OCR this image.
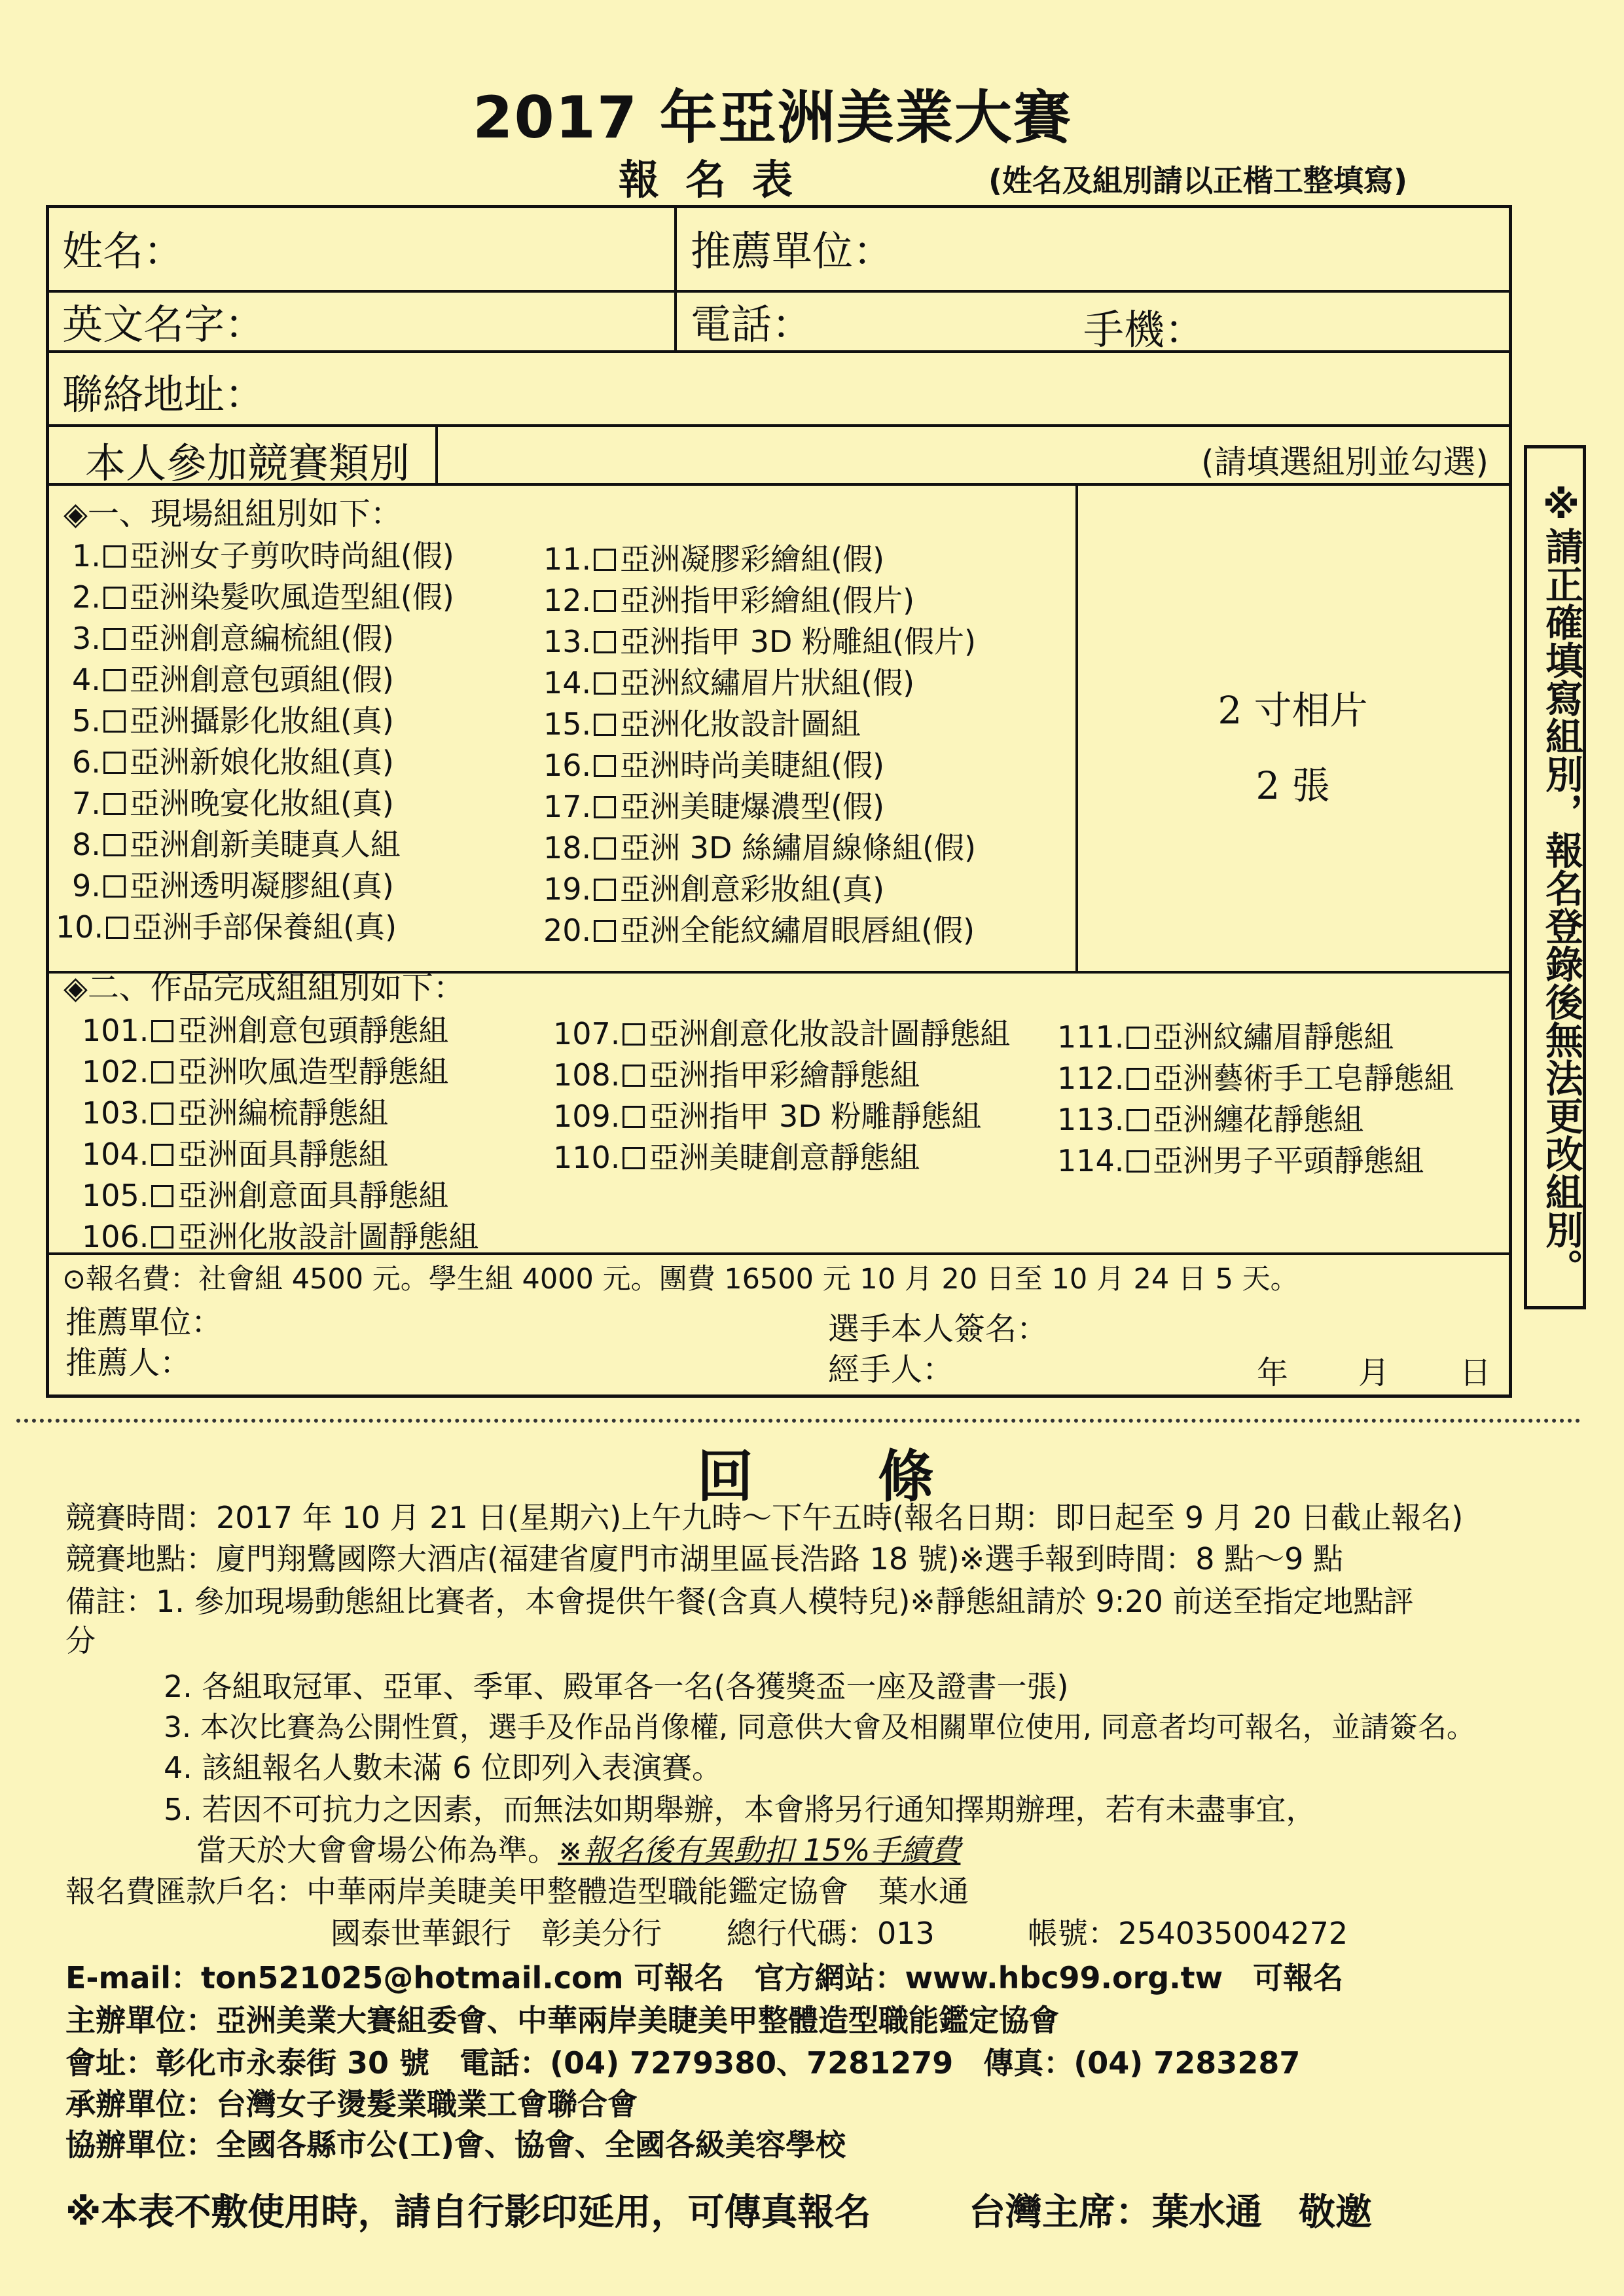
2017 年亞洲美業大賽
報名表	(姓名及組別請以正楷工整填寫)
姓名：	推薦單位：
英文名字：	電話：	手機：
聯絡地址：
本人參加競賽類別	(請填選組別並勾選)
◈一、現場組組別如下：
1. 亞洲女子剪吹時尚組(假)
2. 亞洲染髮吹風造型組(假)
3. 亞洲創意編梳組(假)
4. 亞洲創意包頭組(假)
5. 亞洲攝影化妝組(真)
6. 亞洲新娘化妝組(真)
7. 亞洲晚宴化妝組(真)
8. 亞洲創新美睫真人組
9. 亞洲透明凝膠組(真)
10. 亞洲手部保養組(真)
11. 亞洲凝膠彩繪組(假)
12. 亞洲指甲彩繪組(假片)
13. 亞洲指甲 3D 粉雕組(假片)
14. 亞洲紋繡眉片狀組(假)
15. 亞洲化妝設計圖組
16. 亞洲時尚美睫組(假)
17. 亞洲美睫爆濃型(假)
18. 亞洲 3D 絲繡眉線條組(假)
19. 亞洲創意彩妝組(真)
20. 亞洲全能紋繡眉眼唇組(假)
2 寸相片
2 張
◈二、作品完成組組別如下：
101. 亞洲創意包頭靜態組
102. 亞洲吹風造型靜態組
103. 亞洲編梳靜態組
104. 亞洲面具靜態組
105. 亞洲創意面具靜態組
106. 亞洲化妝設計圖靜態組
107. 亞洲創意化妝設計圖靜態組
108. 亞洲指甲彩繪靜態組
109. 亞洲指甲 3D 粉雕靜態組
110. 亞洲美睫創意靜態組
111. 亞洲紋繡眉靜態組
112. 亞洲藝術手工皂靜態組
113. 亞洲纏花靜態組
114. 亞洲男子平頭靜態組
⊙報名費：社會組 4500 元。學生組 4000 元。團費 16500 元 10 月 20 日至 10 月 24 日 5 天。
推薦單位：
推薦人：
選手本人簽名：
經手人：	年 月 日
※請正確填寫組別，報名登錄後無法更改組別。
回條
競賽時間：2017 年 10 月 21 日(星期六)上午九時～下午五時(報名日期：即日起至 9 月 20 日截止報名)
競賽地點：廈門翔鷺國際大酒店(福建省廈門市湖里區長浩路 18 號)※選手報到時間：8 點～9 點
備註：1. 參加現場動態組比賽者，本會提供午餐(含真人模特兒)※靜態組請於 9:20 前送至指定地點評
分
2. 各組取冠軍、亞軍、季軍、殿軍各一名(各獲獎盃一座及證書一張)
3. 本次比賽為公開性質，選手及作品肖像權, 同意供大會及相關單位使用, 同意者均可報名，並請簽名。
4. 該組報名人數未滿 6 位即列入表演賽。
5. 若因不可抗力之因素，而無法如期舉辦，本會將另行通知擇期辦理，若有未盡事宜，
當天於大會會場公佈為準。※報名後有異動扣 15%手續費
報名費匯款戶名：中華兩岸美睫美甲整體造型職能鑑定協會　葉水通
國泰世華銀行　彰美分行 總行代碼：013	帳號：254035004272
E-mail：ton521025@hotmail.com 可報名　官方網站：www.hbc99.org.tw　可報名
主辦單位：亞洲美業大賽組委會、中華兩岸美睫美甲整體造型職能鑑定協會
會址：彰化市永泰街 30 號　電話：(04) 7279380、7281279　傳真：(04) 7283287
承辦單位：台灣女子燙髮業職業工會聯合會
協辦單位：全國各縣市公(工)會、協會、全國各級美容學校
※本表不敷使用時，請自行影印延用，可傳真報名	台灣主席：葉水通　敬邀
